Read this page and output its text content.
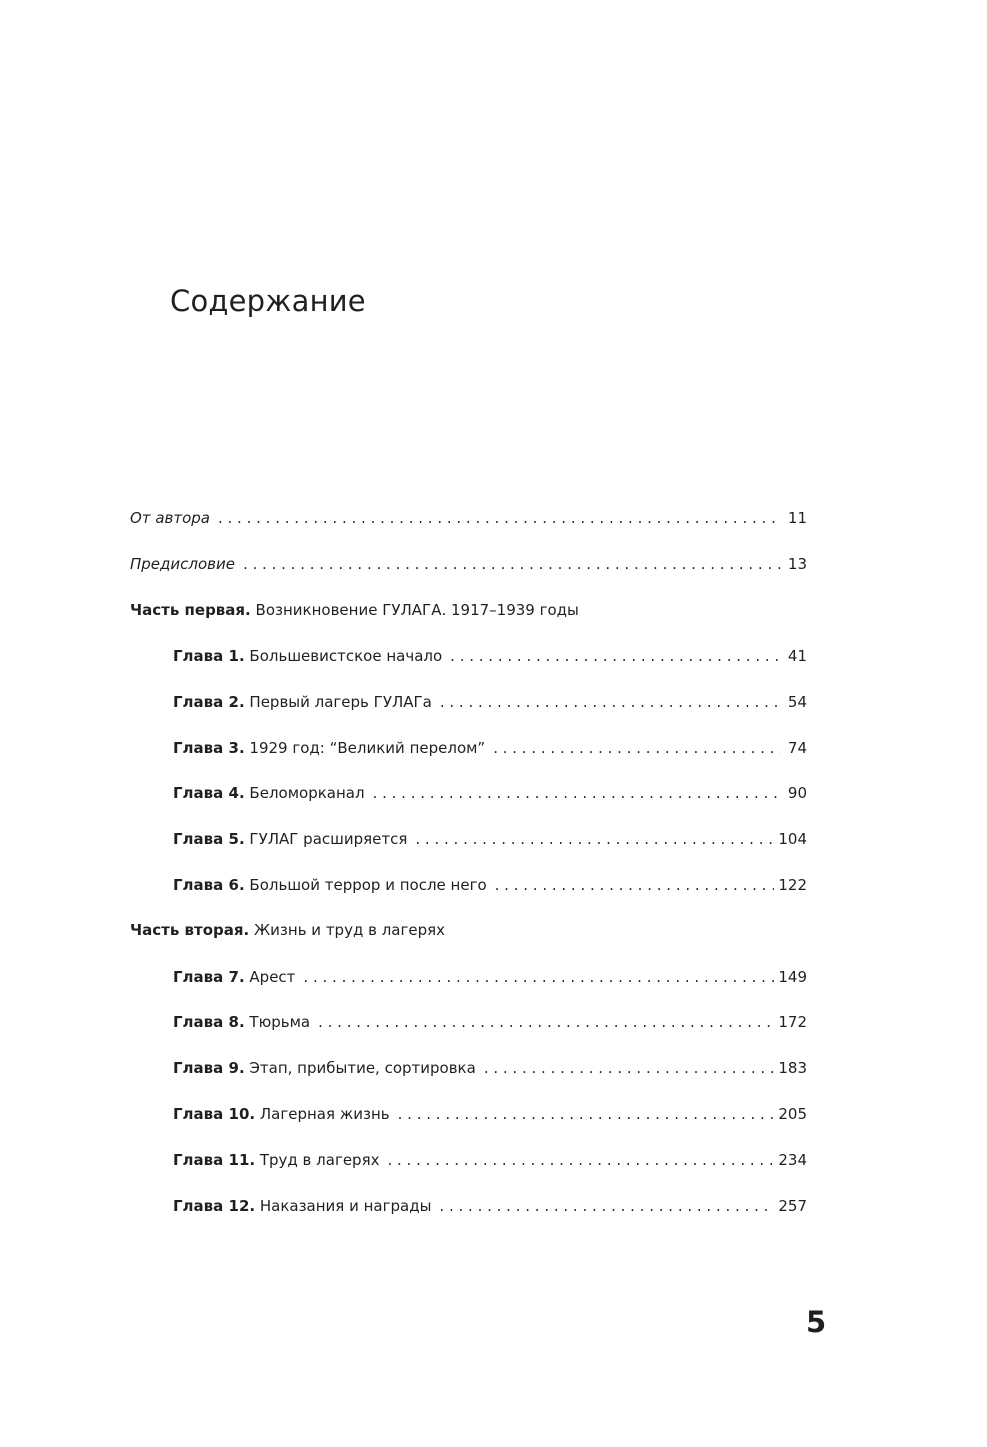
Содержание
От автора . . .	11
Предисловие . . .	13
Часть первая. Возникновение ГУЛАГА. 1917–1939 годы
Глава 1. Большевистское начало . . .	41
Глава 2. Первый лагерь ГУЛАГа . . .	54
Глава 3. 1929 год: “Великий перелом” . . .	74
Глава 4. Беломорканал . . .	90
Глава 5. ГУЛАГ расширяется . . .	104
Глава 6. Большой террор и после него . . .	122
Часть вторая. Жизнь и труд в лагерях
Глава 7. Арест . . .	149
Глава 8. Тюрьма . . .	172
Глава 9. Этап, прибытие, сортировка . . .	183
Глава 10. Лагерная жизнь . . .	205
Глава 11. Труд в лагерях . . .	234
Глава 12. Наказания и награды . . .	257
5
